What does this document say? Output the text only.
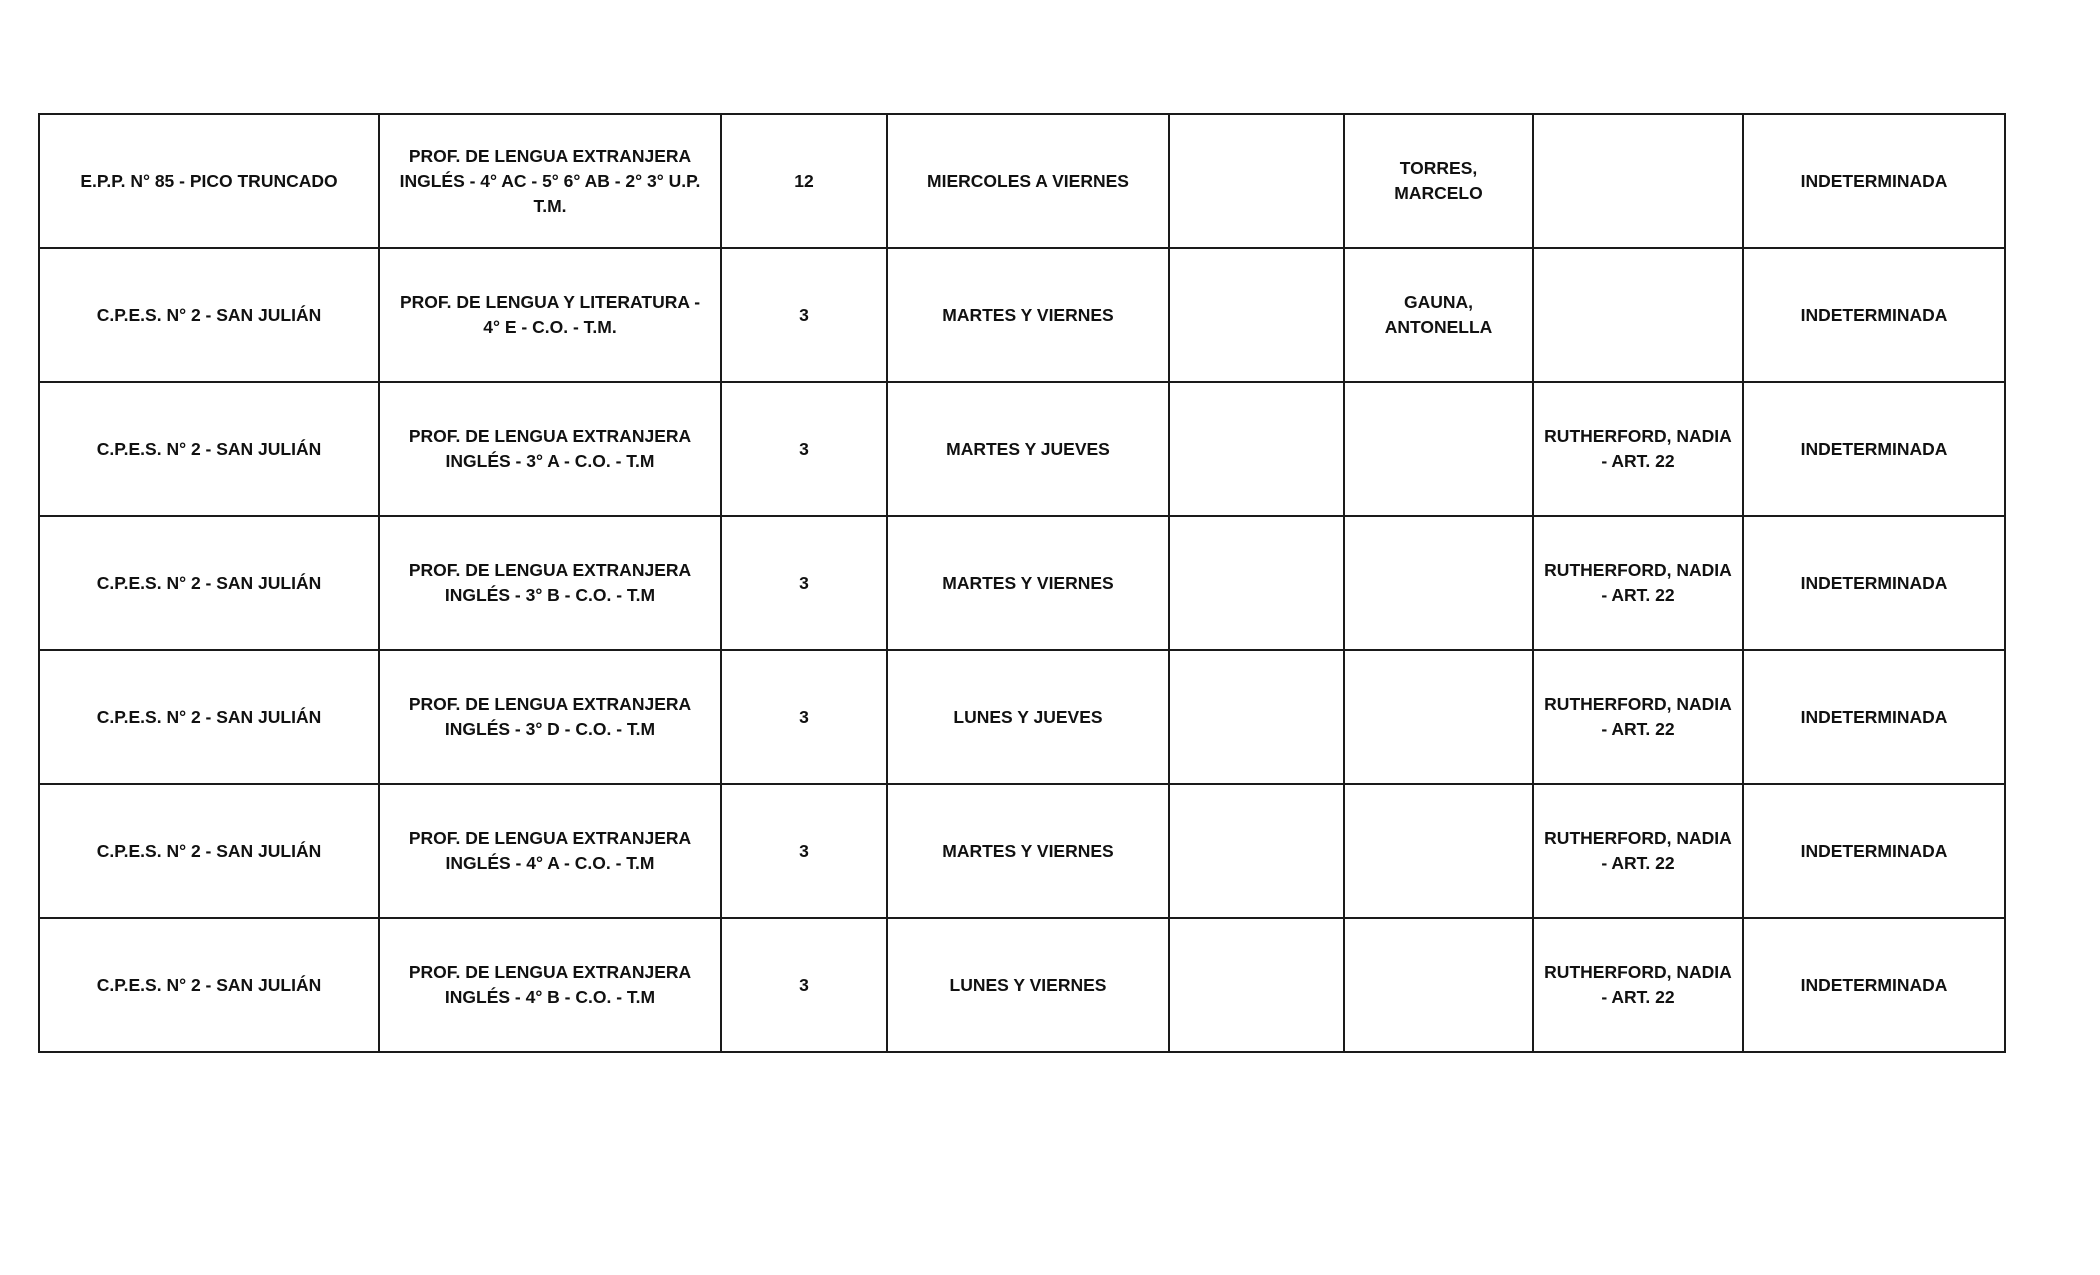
E.P.P. N° 85 - PICO TRUNCADO	PROF. DE LENGUA EXTRANJERA INGLÉS - 4° AC - 5° 6° AB - 2° 3° U.P. T.M.	12	MIERCOLES A VIERNES		TORRES, MARCELO		INDETERMINADA
C.P.E.S. N° 2 - SAN JULIÁN	PROF. DE LENGUA Y LITERATURA - 4° E - C.O. - T.M.	3	MARTES Y VIERNES		GAUNA, ANTONELLA		INDETERMINADA
C.P.E.S. N° 2 - SAN JULIÁN	PROF. DE LENGUA EXTRANJERA INGLÉS - 3° A - C.O. - T.M	3	MARTES Y JUEVES			RUTHERFORD, NADIA - ART. 22	INDETERMINADA
C.P.E.S. N° 2 - SAN JULIÁN	PROF. DE LENGUA EXTRANJERA INGLÉS - 3° B - C.O. - T.M	3	MARTES Y VIERNES			RUTHERFORD, NADIA - ART. 22	INDETERMINADA
C.P.E.S. N° 2 - SAN JULIÁN	PROF. DE LENGUA EXTRANJERA INGLÉS - 3° D - C.O. - T.M	3	LUNES Y JUEVES			RUTHERFORD, NADIA - ART. 22	INDETERMINADA
C.P.E.S. N° 2 - SAN JULIÁN	PROF. DE LENGUA EXTRANJERA INGLÉS - 4° A - C.O. - T.M	3	MARTES Y VIERNES			RUTHERFORD, NADIA - ART. 22	INDETERMINADA
C.P.E.S. N° 2 - SAN JULIÁN	PROF. DE LENGUA EXTRANJERA INGLÉS - 4° B - C.O. - T.M	3	LUNES Y VIERNES			RUTHERFORD, NADIA - ART. 22	INDETERMINADA
